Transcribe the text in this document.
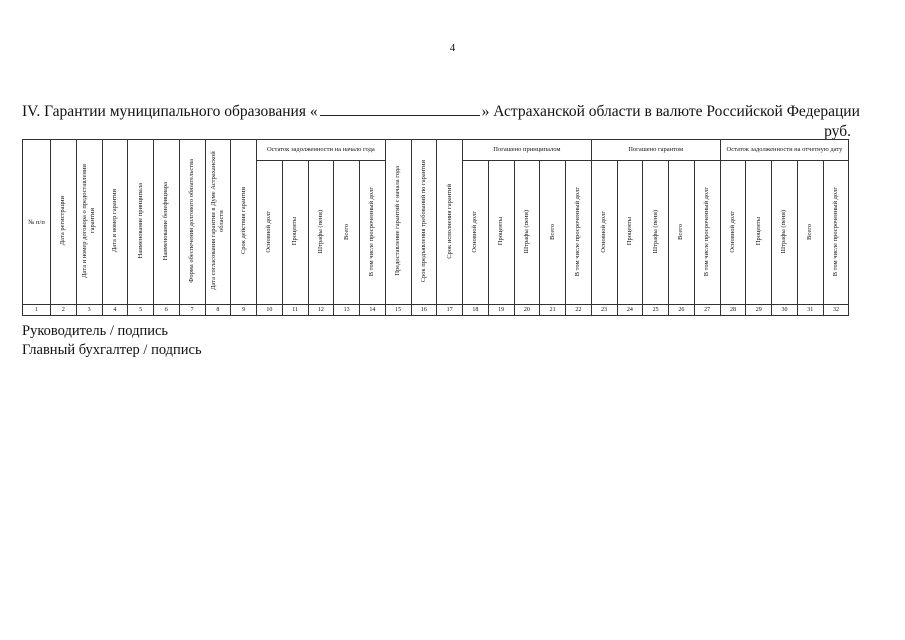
4
IV. Гарантии муниципального образования «	» Астраханской области в валюте Российской Федерации
руб.
№ п/п	Дата регистрации	Дата и номер договора о предоставлении гарантии	Дата и номер гарантии	Наименование принципала	Наименование бенефициара	Форма обеспечения долгового обязательства	Дата согласования гарантии в Думе Астраханской области	Срок действия гарантии	Остаток задолженности на начало года					Предоставление гарантий с начала года	Срок предъявления требований по гарантии	Срок исполнения гарантий	Погашено принципалом					Погашено гарантом					Остаток задолженности на отчетную дату				
									Основной долг	Проценты	Штрафы (пени)	Всего	В том числе просроченный долг				Основной долг	Проценты	Штрафы (пени)	Всего	В том числе просроченный долг	Основной долг	Проценты	Штрафы (пени)	Всего	В том числе просроченный долг	Основной долг	Проценты	Штрафы (пени)	Всего	В том числе просроченный долг
1	2	3	4	5	6	7	8	9	10	11	12	13	14	15	16	17	18	19	20	21	22	23	24	25	26	27	28	29	30	31	32
Руководитель / подпись
Главный бухгалтер / подпись
